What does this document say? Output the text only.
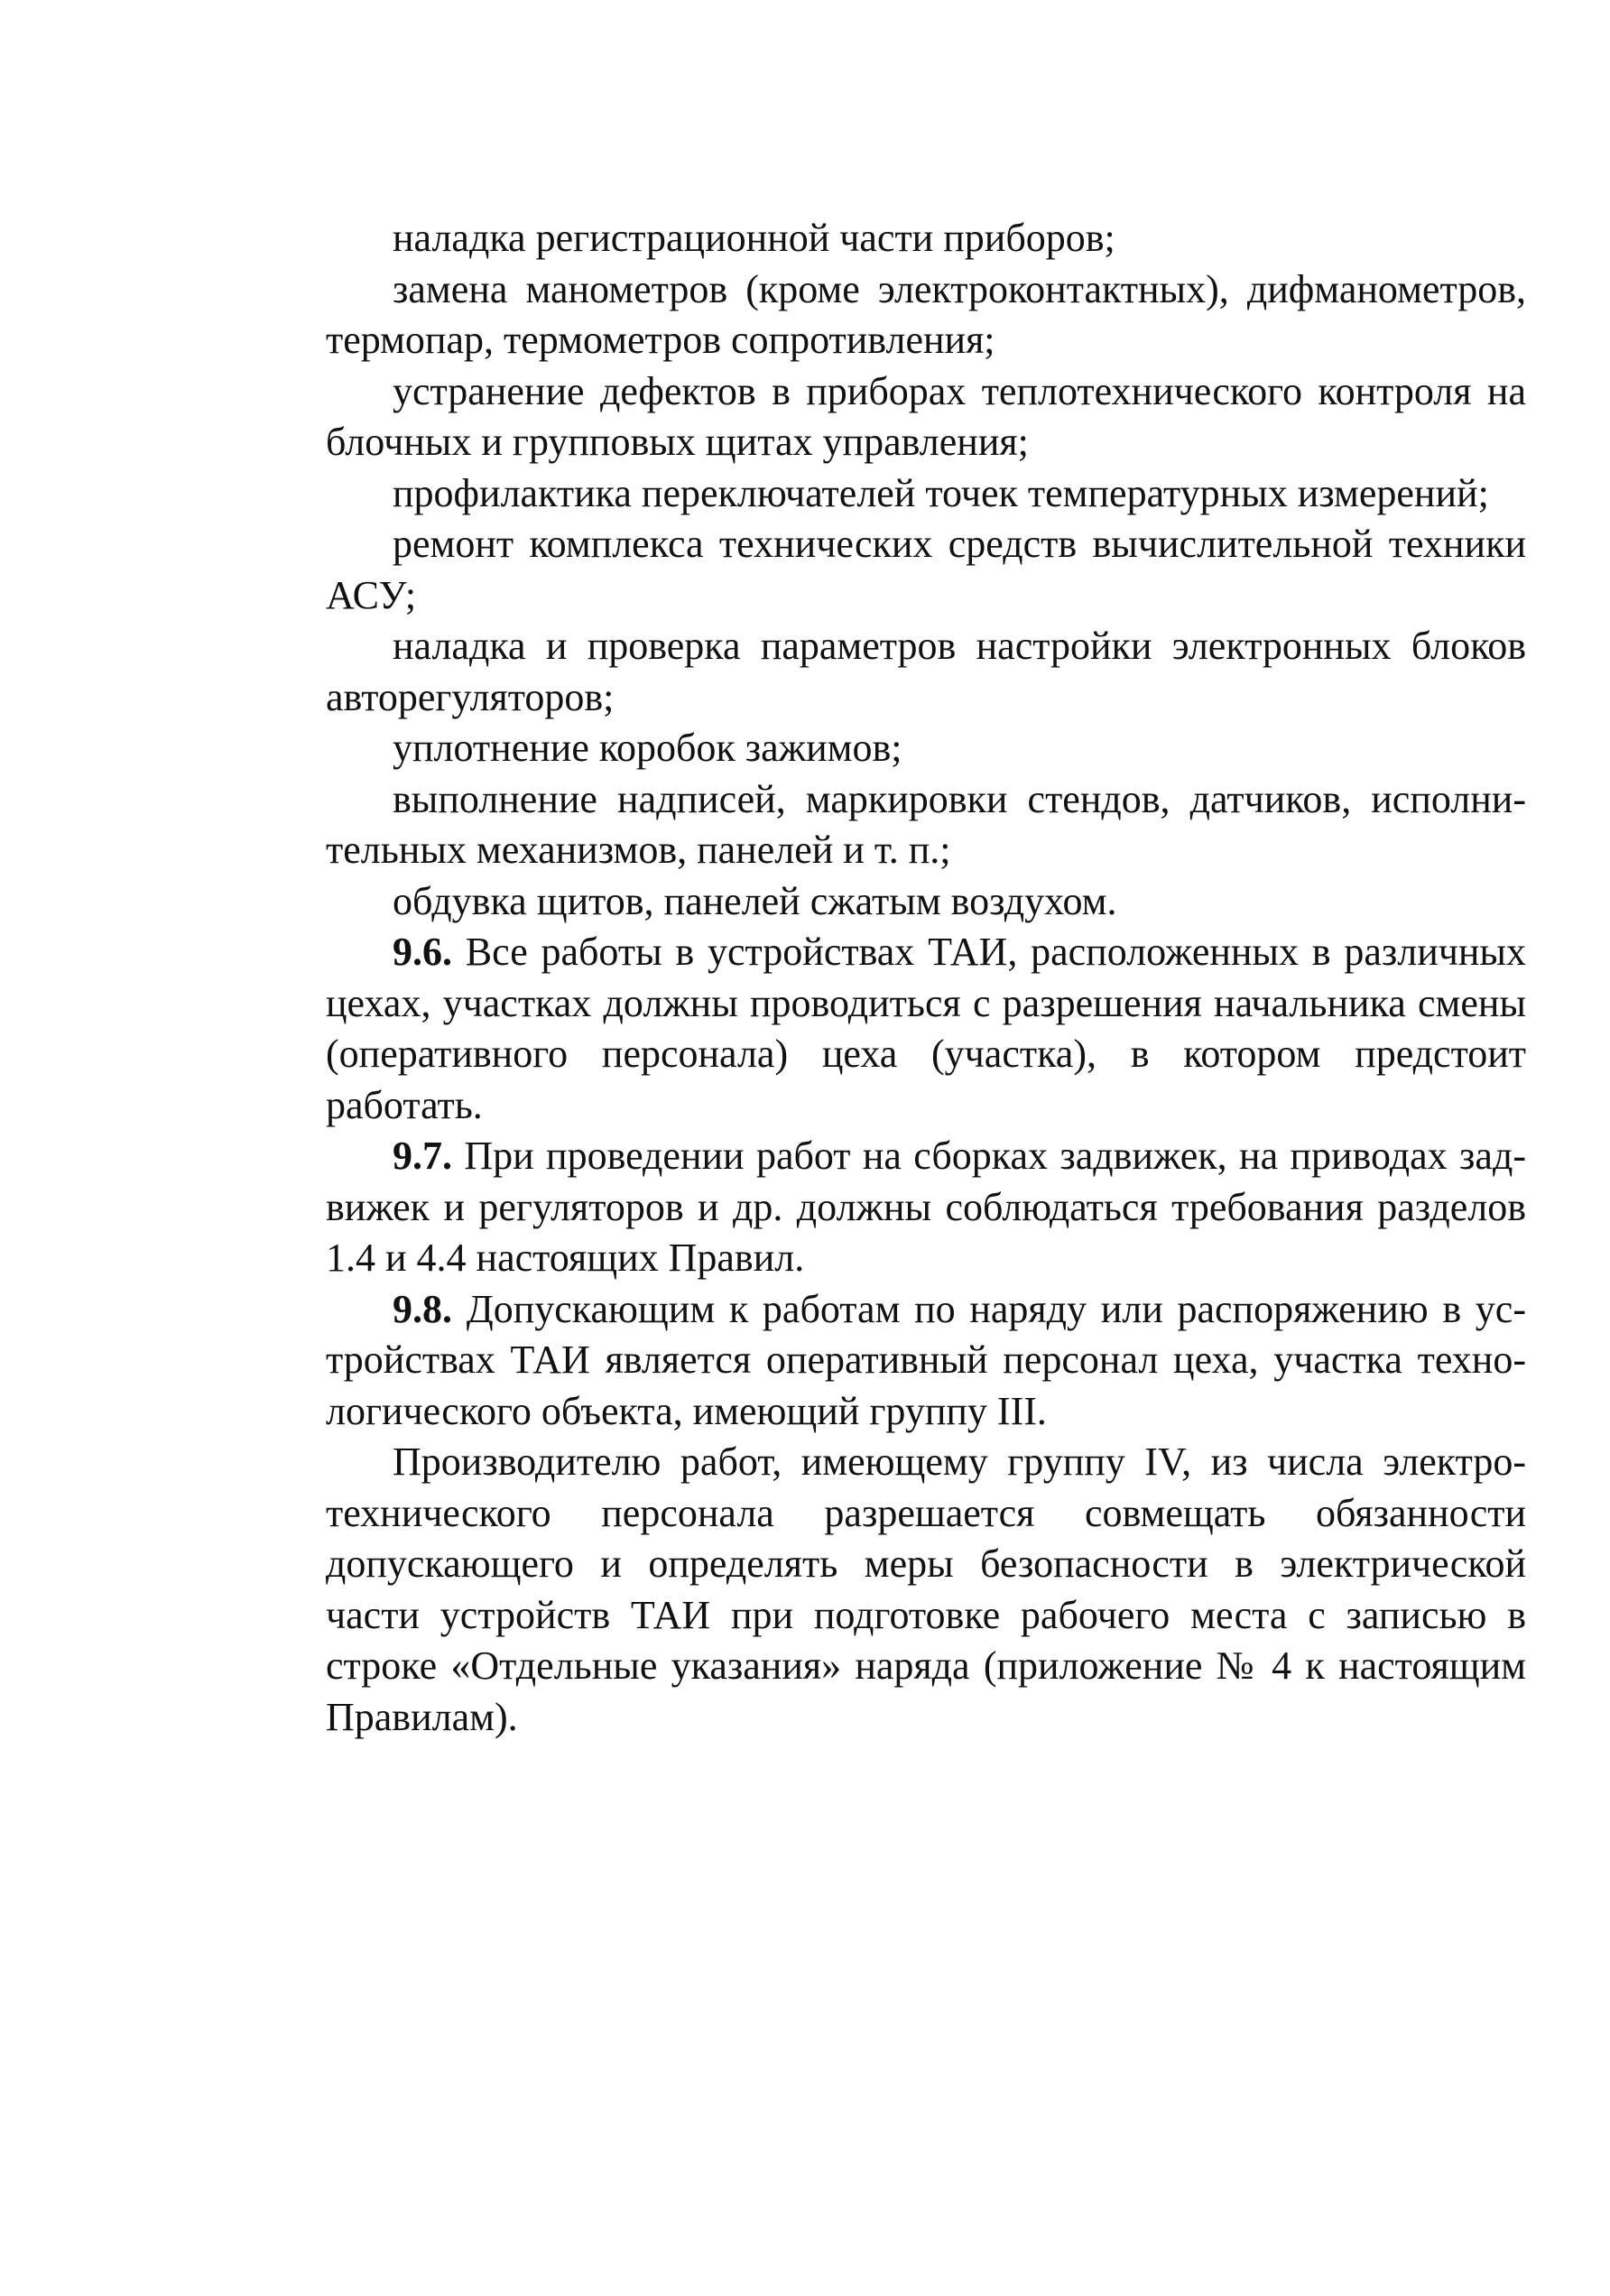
наладка регистрационной части приборов;

замена манометров (кроме электроконтактных), дифманометров, термопар, термометров сопротивления;

устранение дефектов в приборах теплотехнического контроля на блочных и групповых щитах управления;

профилактика переключателей точек температурных измерений;

ремонт комплекса технических средств вычислительной техники АСУ;

наладка и проверка параметров настройки электронных блоков авторегуляторов;

уплотнение коробок зажимов;

выполнение надписей, маркировки стендов, датчиков, исполнительных механизмов, панелей и т. п.;

обдувка щитов, панелей сжатым воздухом.

9.6. Все работы в устройствах ТАИ, расположенных в различных цехах, участках должны проводиться с разрешения начальника смены (оперативного персонала) цеха (участка), в котором предстоит работать.

9.7. При проведении работ на сборках задвижек, на приводах задвижек и регуляторов и др. должны соблюдаться требования разделов 1.4 и 4.4 настоящих Правил.

9.8. Допускающим к работам по наряду или распоряжению в устройствах ТАИ является оперативный персонал цеха, участка технологического объекта, имеющий группу III.

Производителю работ, имеющему группу IV, из числа электротехнического персонала разрешается совмещать обязанности допускающего и определять меры безопасности в электрической части устройств ТАИ при подготовке рабочего места с записью в строке «Отдельные указания» наряда (приложение № 4 к настоящим Правилам).
